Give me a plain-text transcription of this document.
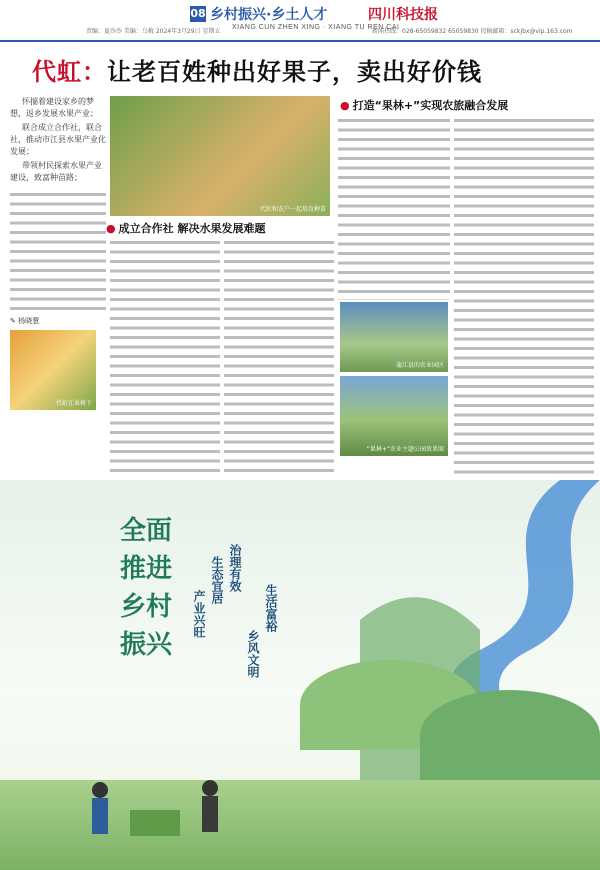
08 乡村振兴·乡土人才
XIANG CUN ZHEN XING · XIANG TU REN CAI
四川科技报
责编：夏沙沙 美编：乌梅 2024年3月29日 星期五	新闻热线：028-65059832 65059830 投稿邮箱：sckjbx@vip.163.com
代虹：让老百姓种出好果子，卖出好价钱

怀揣着建设家乡的梦想，返乡发展水果产业；

联合成立合作社，联合社，推动市江县水果产业化发展；

带领村民探索水果产业建设，致富种苗路；

✎ 杨晓慧
代虹和农户一起培育种苗
代虹在果树下
● 成立合作社 解决水果发展难题
● 打造“果林+”实现农旅融合发展
蒲江县的农业园区
“果林+”农业主题公园效果图
全面推进乡村振兴
生态宜居
产业兴旺
治理有效
乡风文明
生活富裕
